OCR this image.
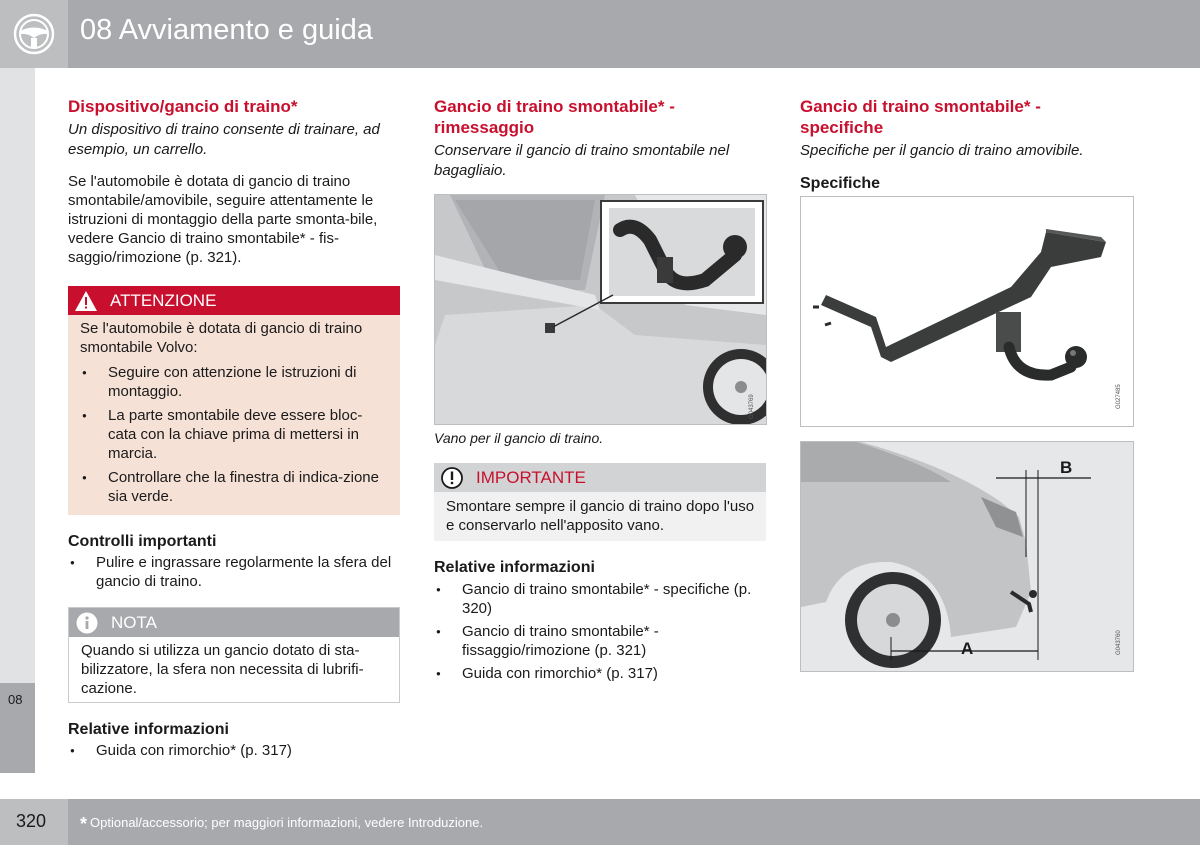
08 Avviamento e guida
08
Dispositivo/gancio di traino*
Un dispositivo di traino consente di trainare, ad esempio, un carrello.
Se l'automobile è dotata di gancio di traino smontabile/amovibile, seguire attentamente le istruzioni di montaggio della parte smonta-bile, vedere Gancio di traino smontabile* - fis-saggio/rimozione (p. 321).
ATTENZIONE
Se l'automobile è dotata di gancio di traino smontabile Volvo:
● Seguire con attenzione le istruzioni di montaggio.
● La parte smontabile deve essere bloc-cata con la chiave prima di mettersi in marcia.
● Controllare che la finestra di indica-zione sia verde.
Controlli importanti
● Pulire e ingrassare regolarmente la sfera del gancio di traino.
NOTA
Quando si utilizza un gancio dotato di sta-bilizzatore, la sfera non necessita di lubrifi-cazione.
Relative informazioni
● Guida con rimorchio* (p. 317)
Gancio di traino smontabile* - rimessaggio
Conservare il gancio di traino smontabile nel bagagliaio.
G043769
Vano per il gancio di traino.
IMPORTANTE
Smontare sempre il gancio di traino dopo l'uso e conservarlo nell'apposito vano.
Relative informazioni
● Gancio di traino smontabile* - specifiche (p. 320)
● Gancio di traino smontabile* - fissaggio/rimozione (p. 321)
● Guida con rimorchio* (p. 317)
Gancio di traino smontabile* - specifiche
Specifiche per il gancio di traino amovibile.
Specifiche
G027485
A
B
G043760
320 * Optional/accessorio; per maggiori informazioni, vedere Introduzione.
